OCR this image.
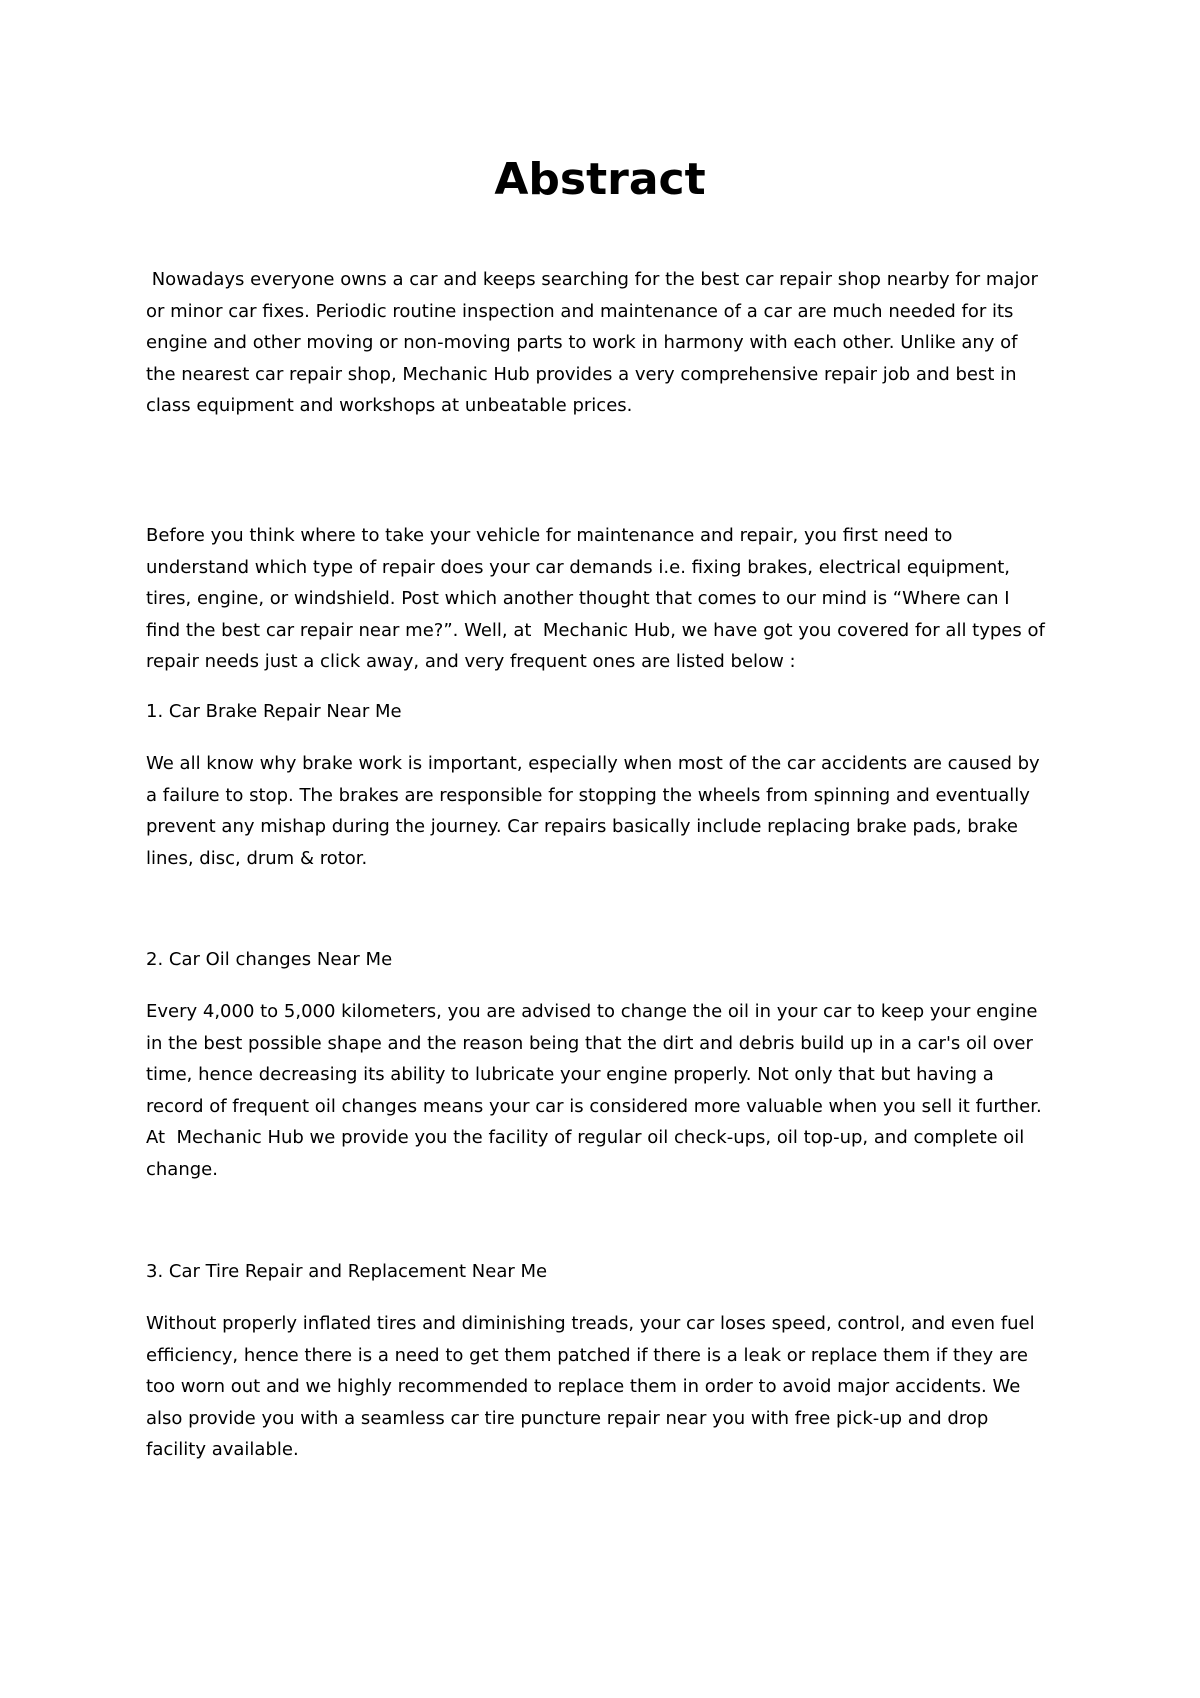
Abstract

Nowadays everyone owns a car and keeps searching for the best car repair shop nearby for major
or minor car fixes. Periodic routine inspection and maintenance of a car are much needed for its
engine and other moving or non-moving parts to work in harmony with each other. Unlike any of
the nearest car repair shop, Mechanic Hub provides a very comprehensive repair job and best in
class equipment and workshops at unbeatable prices.

Before you think where to take your vehicle for maintenance and repair, you first need to
understand which type of repair does your car demands i.e. fixing brakes, electrical equipment,
tires, engine, or windshield. Post which another thought that comes to our mind is “Where can I
find the best car repair near me?”. Well, at  Mechanic Hub, we have got you covered for all types of
repair needs just a click away, and very frequent ones are listed below :

1. Car Brake Repair Near Me

We all know why brake work is important, especially when most of the car accidents are caused by
a failure to stop. The brakes are responsible for stopping the wheels from spinning and eventually
prevent any mishap during the journey. Car repairs basically include replacing brake pads, brake
lines, disc, drum & rotor.

2. Car Oil changes Near Me

Every 4,000 to 5,000 kilometers, you are advised to change the oil in your car to keep your engine
in the best possible shape and the reason being that the dirt and debris build up in a car's oil over
time, hence decreasing its ability to lubricate your engine properly. Not only that but having a
record of frequent oil changes means your car is considered more valuable when you sell it further.
At  Mechanic Hub we provide you the facility of regular oil check-ups, oil top-up, and complete oil
change.

3. Car Tire Repair and Replacement Near Me

Without properly inflated tires and diminishing treads, your car loses speed, control, and even fuel
efficiency, hence there is a need to get them patched if there is a leak or replace them if they are
too worn out and we highly recommended to replace them in order to avoid major accidents. We
also provide you with a seamless car tire puncture repair near you with free pick-up and drop
facility available.
